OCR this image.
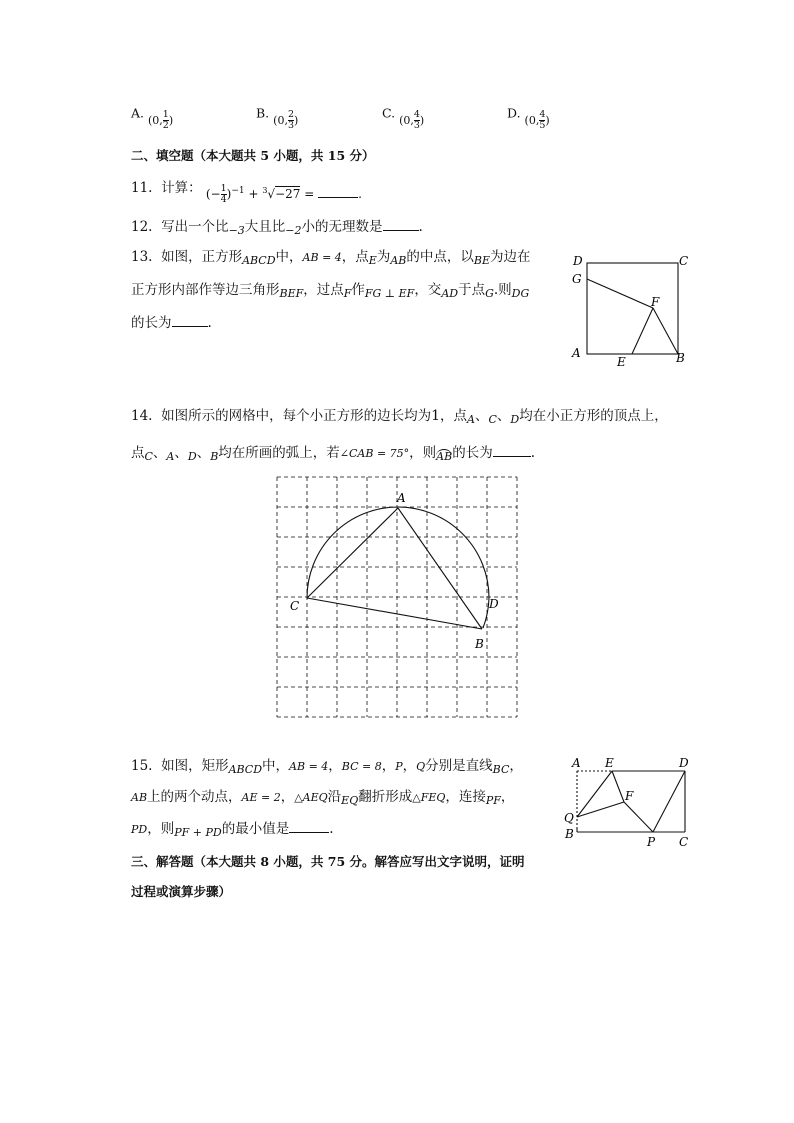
A. (0, $\frac{1}{2}$ )	B. (0, $\frac{2}{3}$ )	C. (0, $\frac{4}{3}$ )	D. (0, $\frac{4}{5}$ )
二、填空题（本大题共 5 小题，共 15 分）
11. 计算： (− $\frac{1}{4} )^{-1} + ^3√-27$ =	.
12. 写出一个比$_{-3}$大且比$_{-2}$小的无理数是	.
13. 如图，正方形$_{ABCD}$中，AB = 4，点$_E$为$_{AB}$的中点，以$_{BE}$为边在
正方形内部作等边三角形$_{BEF}$，过点$_F$作$_{FG \perp EF}$，交$_{AD}$于点$_G$.则$_{DG}$
的长为	.
D	C
G
F
A
E	B
14. 如图所示的网格中，每个小正方形的边长均为1，点$_A$、$_C$、$_D$均在小正方形的顶点上，
点$_C$、$_A$、$_D$、$_B$均在所画的弧上，若∠CAB = 75°，则$_{AB}$的长为	.
A
C	D
B
15. 如图，矩形$_{ABCD}$中，AB = 4，BC = 8，P，Q分别是直线$_{BC}$，
AB上的两个动点，AE = 2，△AEQ沿$_{EQ}$翻折形成△FEQ，连接$_{PF}$，
PD，则$_{PF + PD}$的最小值是	.
A E	D
F
Q
B
P C
三、解答题（本大题共 8 小题，共 75 分。解答应写出文字说明，证明
过程或演算步骤）
